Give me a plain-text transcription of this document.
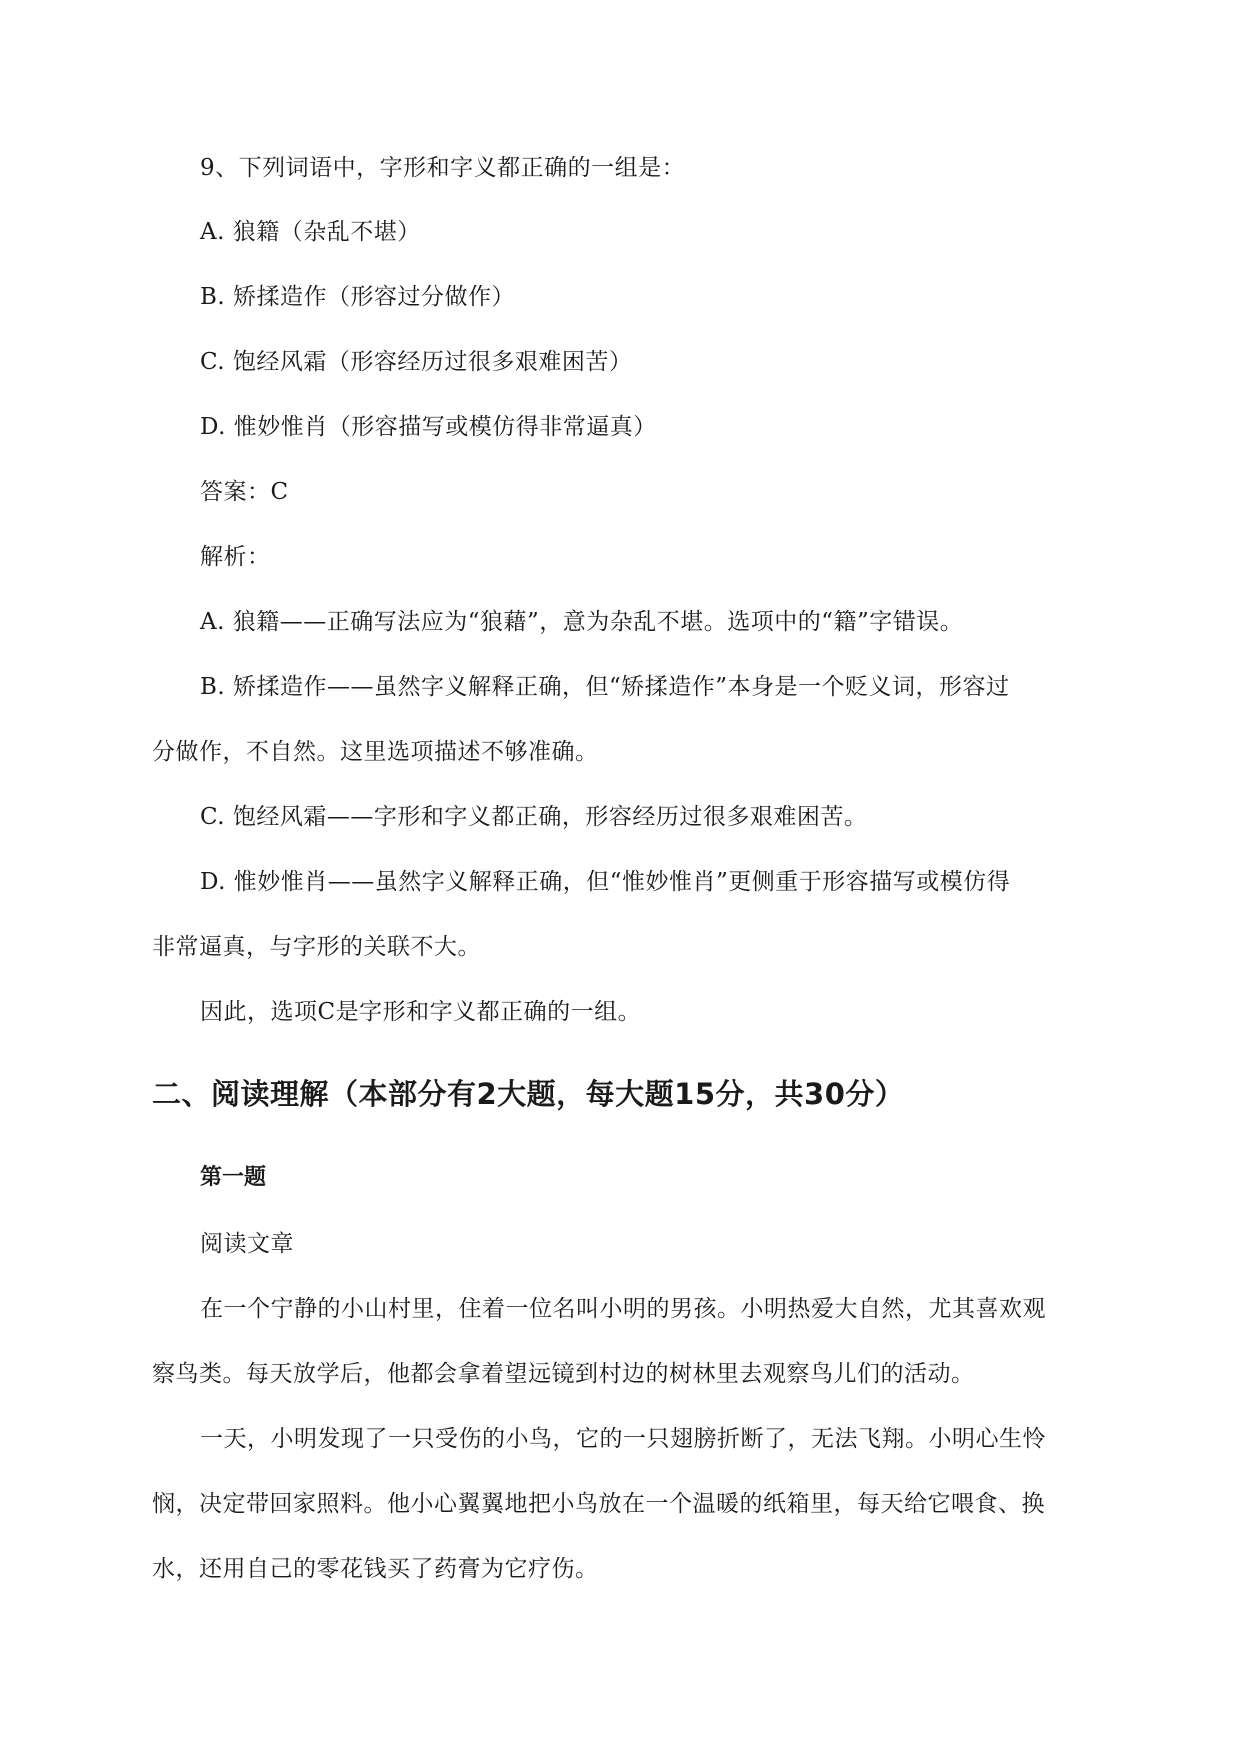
9、下列词语中，字形和字义都正确的一组是：
A. 狼籍（杂乱不堪）
B. 矫揉造作（形容过分做作）
C. 饱经风霜（形容经历过很多艰难困苦）
D. 惟妙惟肖（形容描写或模仿得非常逼真）
答案：C
解析：
A. 狼籍——正确写法应为“狼藉”，意为杂乱不堪。选项中的“籍”字错误。
B. 矫揉造作——虽然字义解释正确，但“矫揉造作”本身是一个贬义词，形容过
分做作，不自然。这里选项描述不够准确。
C. 饱经风霜——字形和字义都正确，形容经历过很多艰难困苦。
D. 惟妙惟肖——虽然字义解释正确，但“惟妙惟肖”更侧重于形容描写或模仿得
非常逼真，与字形的关联不大。
因此，选项C是字形和字义都正确的一组。
二、阅读理解（本部分有2大题，每大题15分，共30分）
第一题
阅读文章
在一个宁静的小山村里，住着一位名叫小明的男孩。小明热爱大自然，尤其喜欢观
察鸟类。每天放学后，他都会拿着望远镜到村边的树林里去观察鸟儿们的活动。
一天，小明发现了一只受伤的小鸟，它的一只翅膀折断了，无法飞翔。小明心生怜
悯，决定带回家照料。他小心翼翼地把小鸟放在一个温暖的纸箱里，每天给它喂食、换
水，还用自己的零花钱买了药膏为它疗伤。
